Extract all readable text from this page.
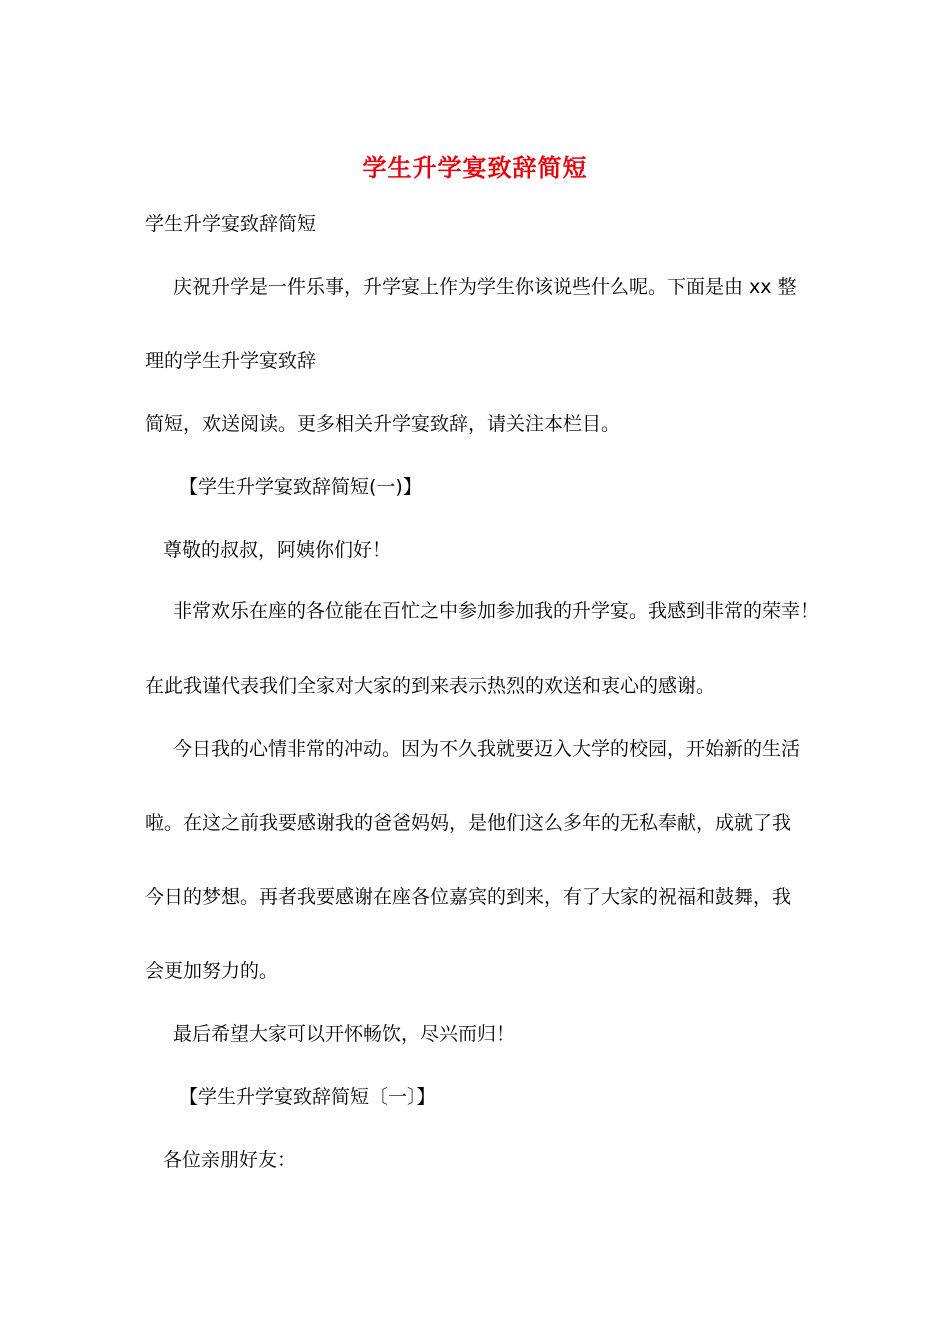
学生升学宴致辞简短
学生升学宴致辞简短
庆祝升学是一件乐事，升学宴上作为学生你该说些什么呢。下面是由 xx 整
理的学生升学宴致辞
简短，欢送阅读。更多相关升学宴致辞，请关注本栏目。
【学生升学宴致辞简短(一)】
尊敬的叔叔，阿姨你们好！
非常欢乐在座的各位能在百忙之中参加参加我的升学宴。我感到非常的荣幸！
在此我谨代表我们全家对大家的到来表示热烈的欢送和衷心的感谢。
今日我的心情非常的冲动。因为不久我就要迈入大学的校园，开始新的生活
啦。在这之前我要感谢我的爸爸妈妈，是他们这么多年的无私奉献，成就了我
今日的梦想。再者我要感谢在座各位嘉宾的到来，有了大家的祝福和鼓舞，我
会更加努力的。
最后希望大家可以开怀畅饮，尽兴而归！
【学生升学宴致辞简短〔一〕】
各位亲朋好友：
